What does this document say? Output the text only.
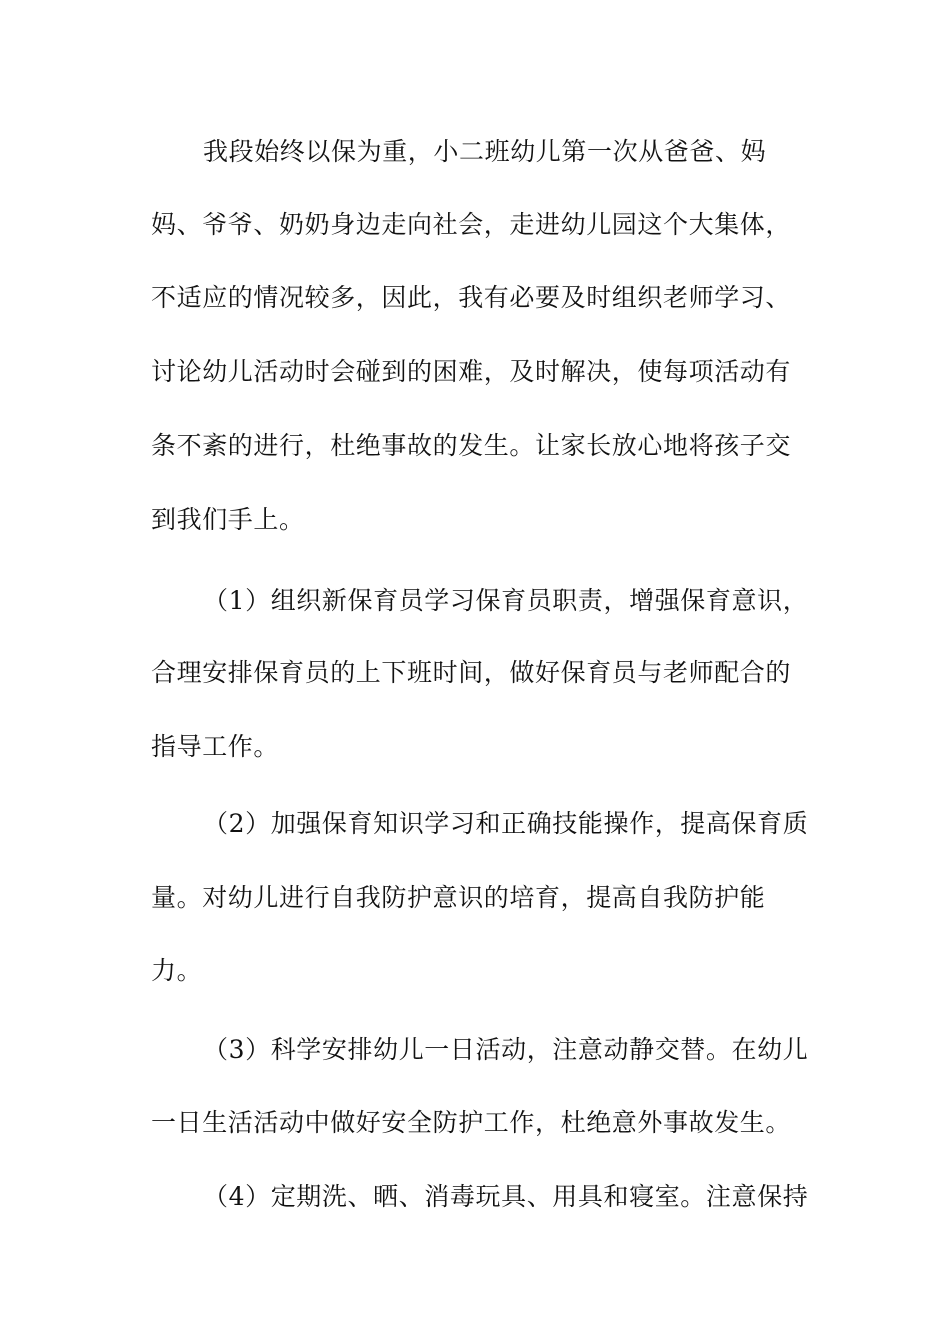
我段始终以保为重，小二班幼儿第一次从爸爸、妈
妈、爷爷、奶奶身边走向社会，走进幼儿园这个大集体，
不适应的情况较多，因此，我有必要及时组织老师学习、
讨论幼儿活动时会碰到的困难，及时解决，使每项活动有
条不紊的进行，杜绝事故的发生。让家长放心地将孩子交
到我们手上。
（1）组织新保育员学习保育员职责，增强保育意识，
合理安排保育员的上下班时间，做好保育员与老师配合的
指导工作。
（2）加强保育知识学习和正确技能操作，提高保育质
量。对幼儿进行自我防护意识的培育，提高自我防护能
力。
（3）科学安排幼儿一日活动，注意动静交替。在幼儿
一日生活活动中做好安全防护工作，杜绝意外事故发生。
（4）定期洗、晒、消毒玩具、用具和寝室。注意保持
